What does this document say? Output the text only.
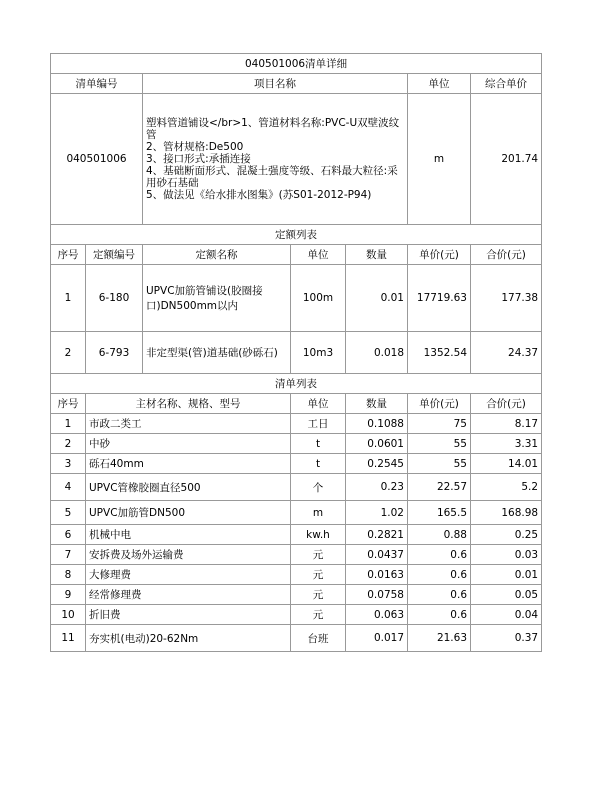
040501006清单详细						
清单编号		项目名称			单位	综合单价
040501006		塑料管道铺设</br>1、管道材料名称:PVC-U双壁波纹管
2、管材规格:De500
3、接口形式:承插连接
4、基础断面形式、混凝土强度等级、石料最大粒径:采用砂石基础
5、做法见《给水排水图集》(苏S01-2012-P94)			m	201.74
定额列表						
序号	定额编号	定额名称	单位	数量	单价(元)	合价(元)
1	6-180	UPVC加筋管铺设(胶圈接口)DN500mm以内	100m	0.01	17719.63	177.38
2	6-793	非定型渠(管)道基础(砂砾石)	10m3	0.018	1352.54	24.37
清单列表						
序号	主材名称、规格、型号		单位	数量	单价(元)	合价(元)
1	市政二类工		工日	0.1088	75	8.17
2	中砂		t	0.0601	55	3.31
3	砾石40mm		t	0.2545	55	14.01
4	UPVC管橡胶圈直径500		个	0.23	22.57	5.2
5	UPVC加筋管DN500		m	1.02	165.5	168.98
6	机械中电		kw.h	0.2821	0.88	0.25
7	安拆费及场外运输费		元	0.0437	0.6	0.03
8	大修理费		元	0.0163	0.6	0.01
9	经常修理费		元	0.0758	0.6	0.05
10	折旧费		元	0.063	0.6	0.04
11	夯实机(电动)20-62Nm		台班	0.017	21.63	0.37
